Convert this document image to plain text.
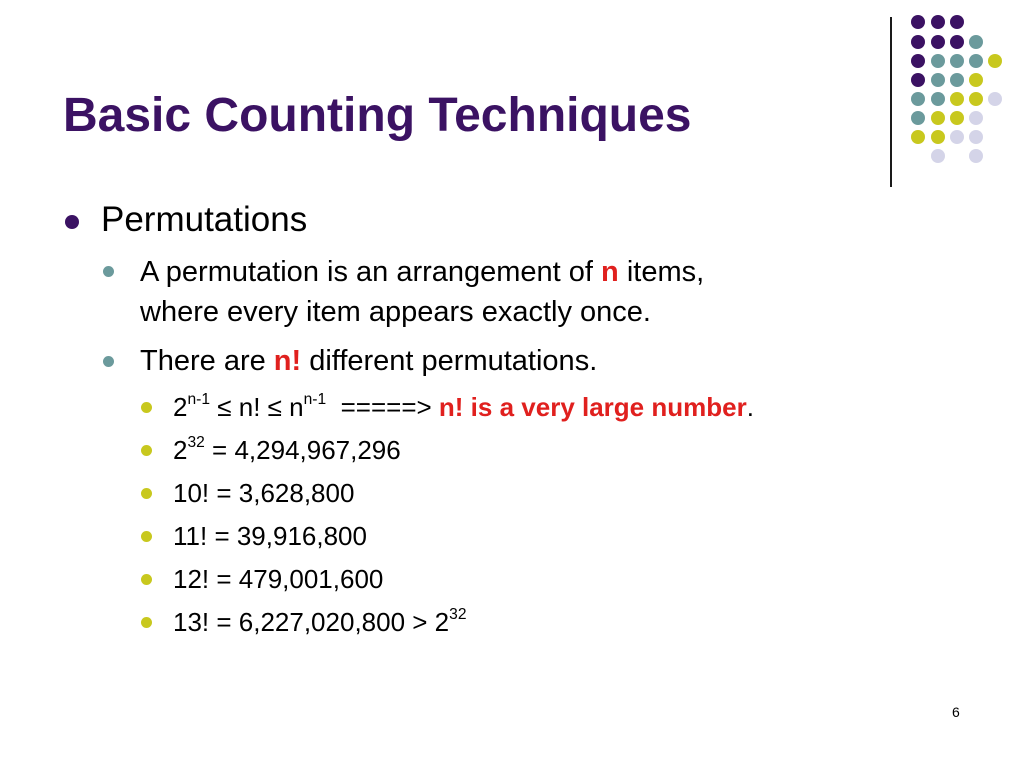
Basic Counting Techniques
Permutations
A permutation is an arrangement of n items,
where every item appears exactly once.
There are n! different permutations.
$2^{n-1} \le n$! ≤ $n^{n-1}$  =====> n! is a very large number.
$2^{32} = 4,294,967,296$
10! = 3,628,800
11! = 39,916,800
12! = 479,001,600
13! = $6,227,020,800 > 2^{32}$
6
